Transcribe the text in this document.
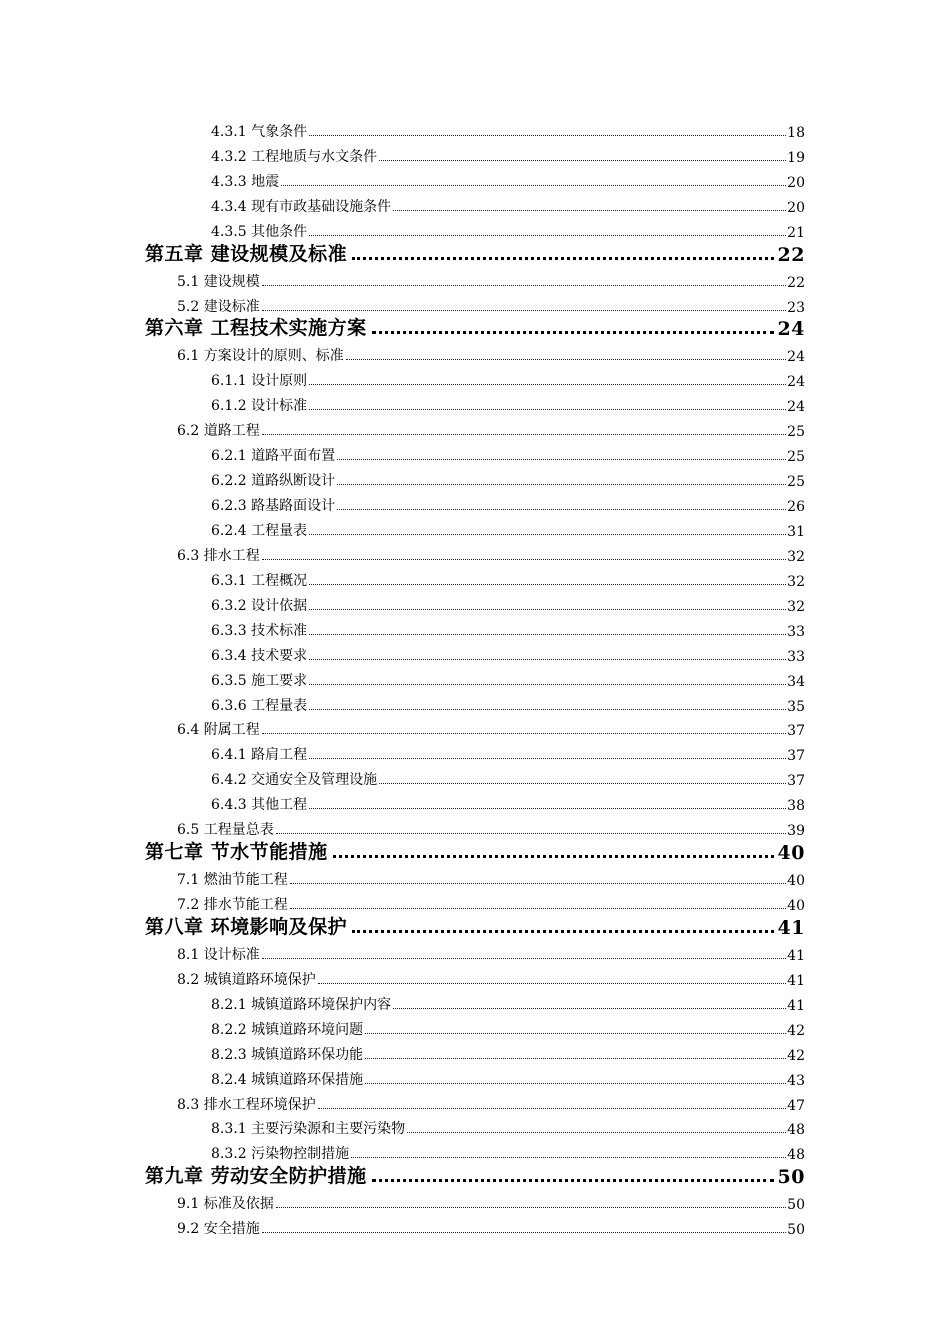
4.3.1 气象条件	18
4.3.2 工程地质与水文条件	19
4.3.3 地震	20
4.3.4 现有市政基础设施条件	20
4.3.5 其他条件	21
第五章 建设规模及标准	22
5.1 建设规模	22
5.2 建设标准	23
第六章 工程技术实施方案	24
6.1 方案设计的原则、标准	24
6.1.1 设计原则	24
6.1.2 设计标准	24
6.2 道路工程	25
6.2.1 道路平面布置	25
6.2.2 道路纵断设计	25
6.2.3 路基路面设计	26
6.2.4 工程量表	31
6.3 排水工程	32
6.3.1 工程概况	32
6.3.2 设计依据	32
6.3.3 技术标准	33
6.3.4 技术要求	33
6.3.5 施工要求	34
6.3.6 工程量表	35
6.4 附属工程	37
6.4.1 路肩工程	37
6.4.2 交通安全及管理设施	37
6.4.3 其他工程	38
6.5 工程量总表	39
第七章 节水节能措施	40
7.1 燃油节能工程	40
7.2 排水节能工程	40
第八章 环境影响及保护	41
8.1 设计标准	41
8.2 城镇道路环境保护	41
8.2.1 城镇道路环境保护内容	41
8.2.2 城镇道路环境问题	42
8.2.3 城镇道路环保功能	42
8.2.4 城镇道路环保措施	43
8.3 排水工程环境保护	47
8.3.1 主要污染源和主要污染物	48
8.3.2 污染物控制措施	48
第九章 劳动安全防护措施	50
9.1 标准及依据	50
9.2 安全措施	50
